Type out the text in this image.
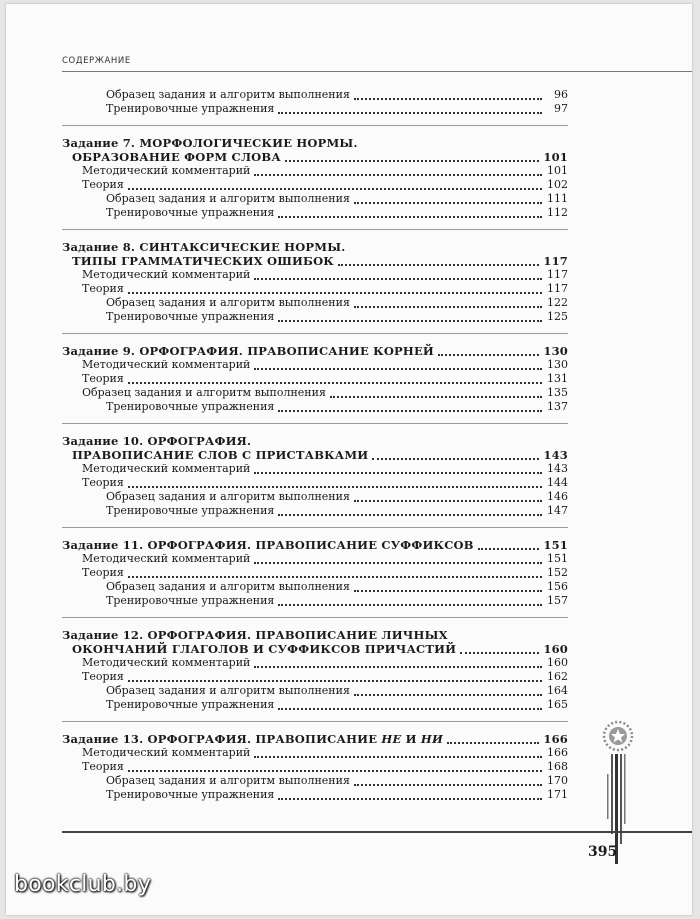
СОДЕРЖАНИЕ
Образец задания и алгоритм выполнения	96
Тренировочные упражнения	97
Задание 7. МОРФОЛОГИЧЕСКИЕ НОРМЫ.
ОБРАЗОВАНИЕ ФОРМ СЛОВА	101
Методический комментарий	101
Теория	102
Образец задания и алгоритм выполнения	111
Тренировочные упражнения	112
Задание 8. СИНТАКСИЧЕСКИЕ НОРМЫ.
ТИПЫ ГРАММАТИЧЕСКИХ ОШИБОК	117
Методический комментарий	117
Теория	117
Образец задания и алгоритм выполнения	122
Тренировочные упражнения	125
Задание 9. ОРФОГРАФИЯ. ПРАВОПИСАНИЕ КОРНЕЙ	130
Методический комментарий	130
Теория	131
Образец задания и алгоритм выполнения	135
Тренировочные упражнения	137
Задание 10. ОРФОГРАФИЯ.
ПРАВОПИСАНИЕ СЛОВ С ПРИСТАВКАМИ	143
Методический комментарий	143
Теория	144
Образец задания и алгоритм выполнения	146
Тренировочные упражнения	147
Задание 11. ОРФОГРАФИЯ. ПРАВОПИСАНИЕ СУФФИКСОВ	151
Методический комментарий	151
Теория	152
Образец задания и алгоритм выполнения	156
Тренировочные упражнения	157
Задание 12. ОРФОГРАФИЯ. ПРАВОПИСАНИЕ ЛИЧНЫХ
ОКОНЧАНИЙ ГЛАГОЛОВ И СУФФИКСОВ ПРИЧАСТИЙ	160
Методический комментарий	160
Теория	162
Образец задания и алгоритм выполнения	164
Тренировочные упражнения	165
Задание 13. ОРФОГРАФИЯ. ПРАВОПИСАНИЕ НЕ И НИ	166
Методический комментарий	166
Теория	168
Образец задания и алгоритм выполнения	170
Тренировочные упражнения	171
395
bookclub.by
